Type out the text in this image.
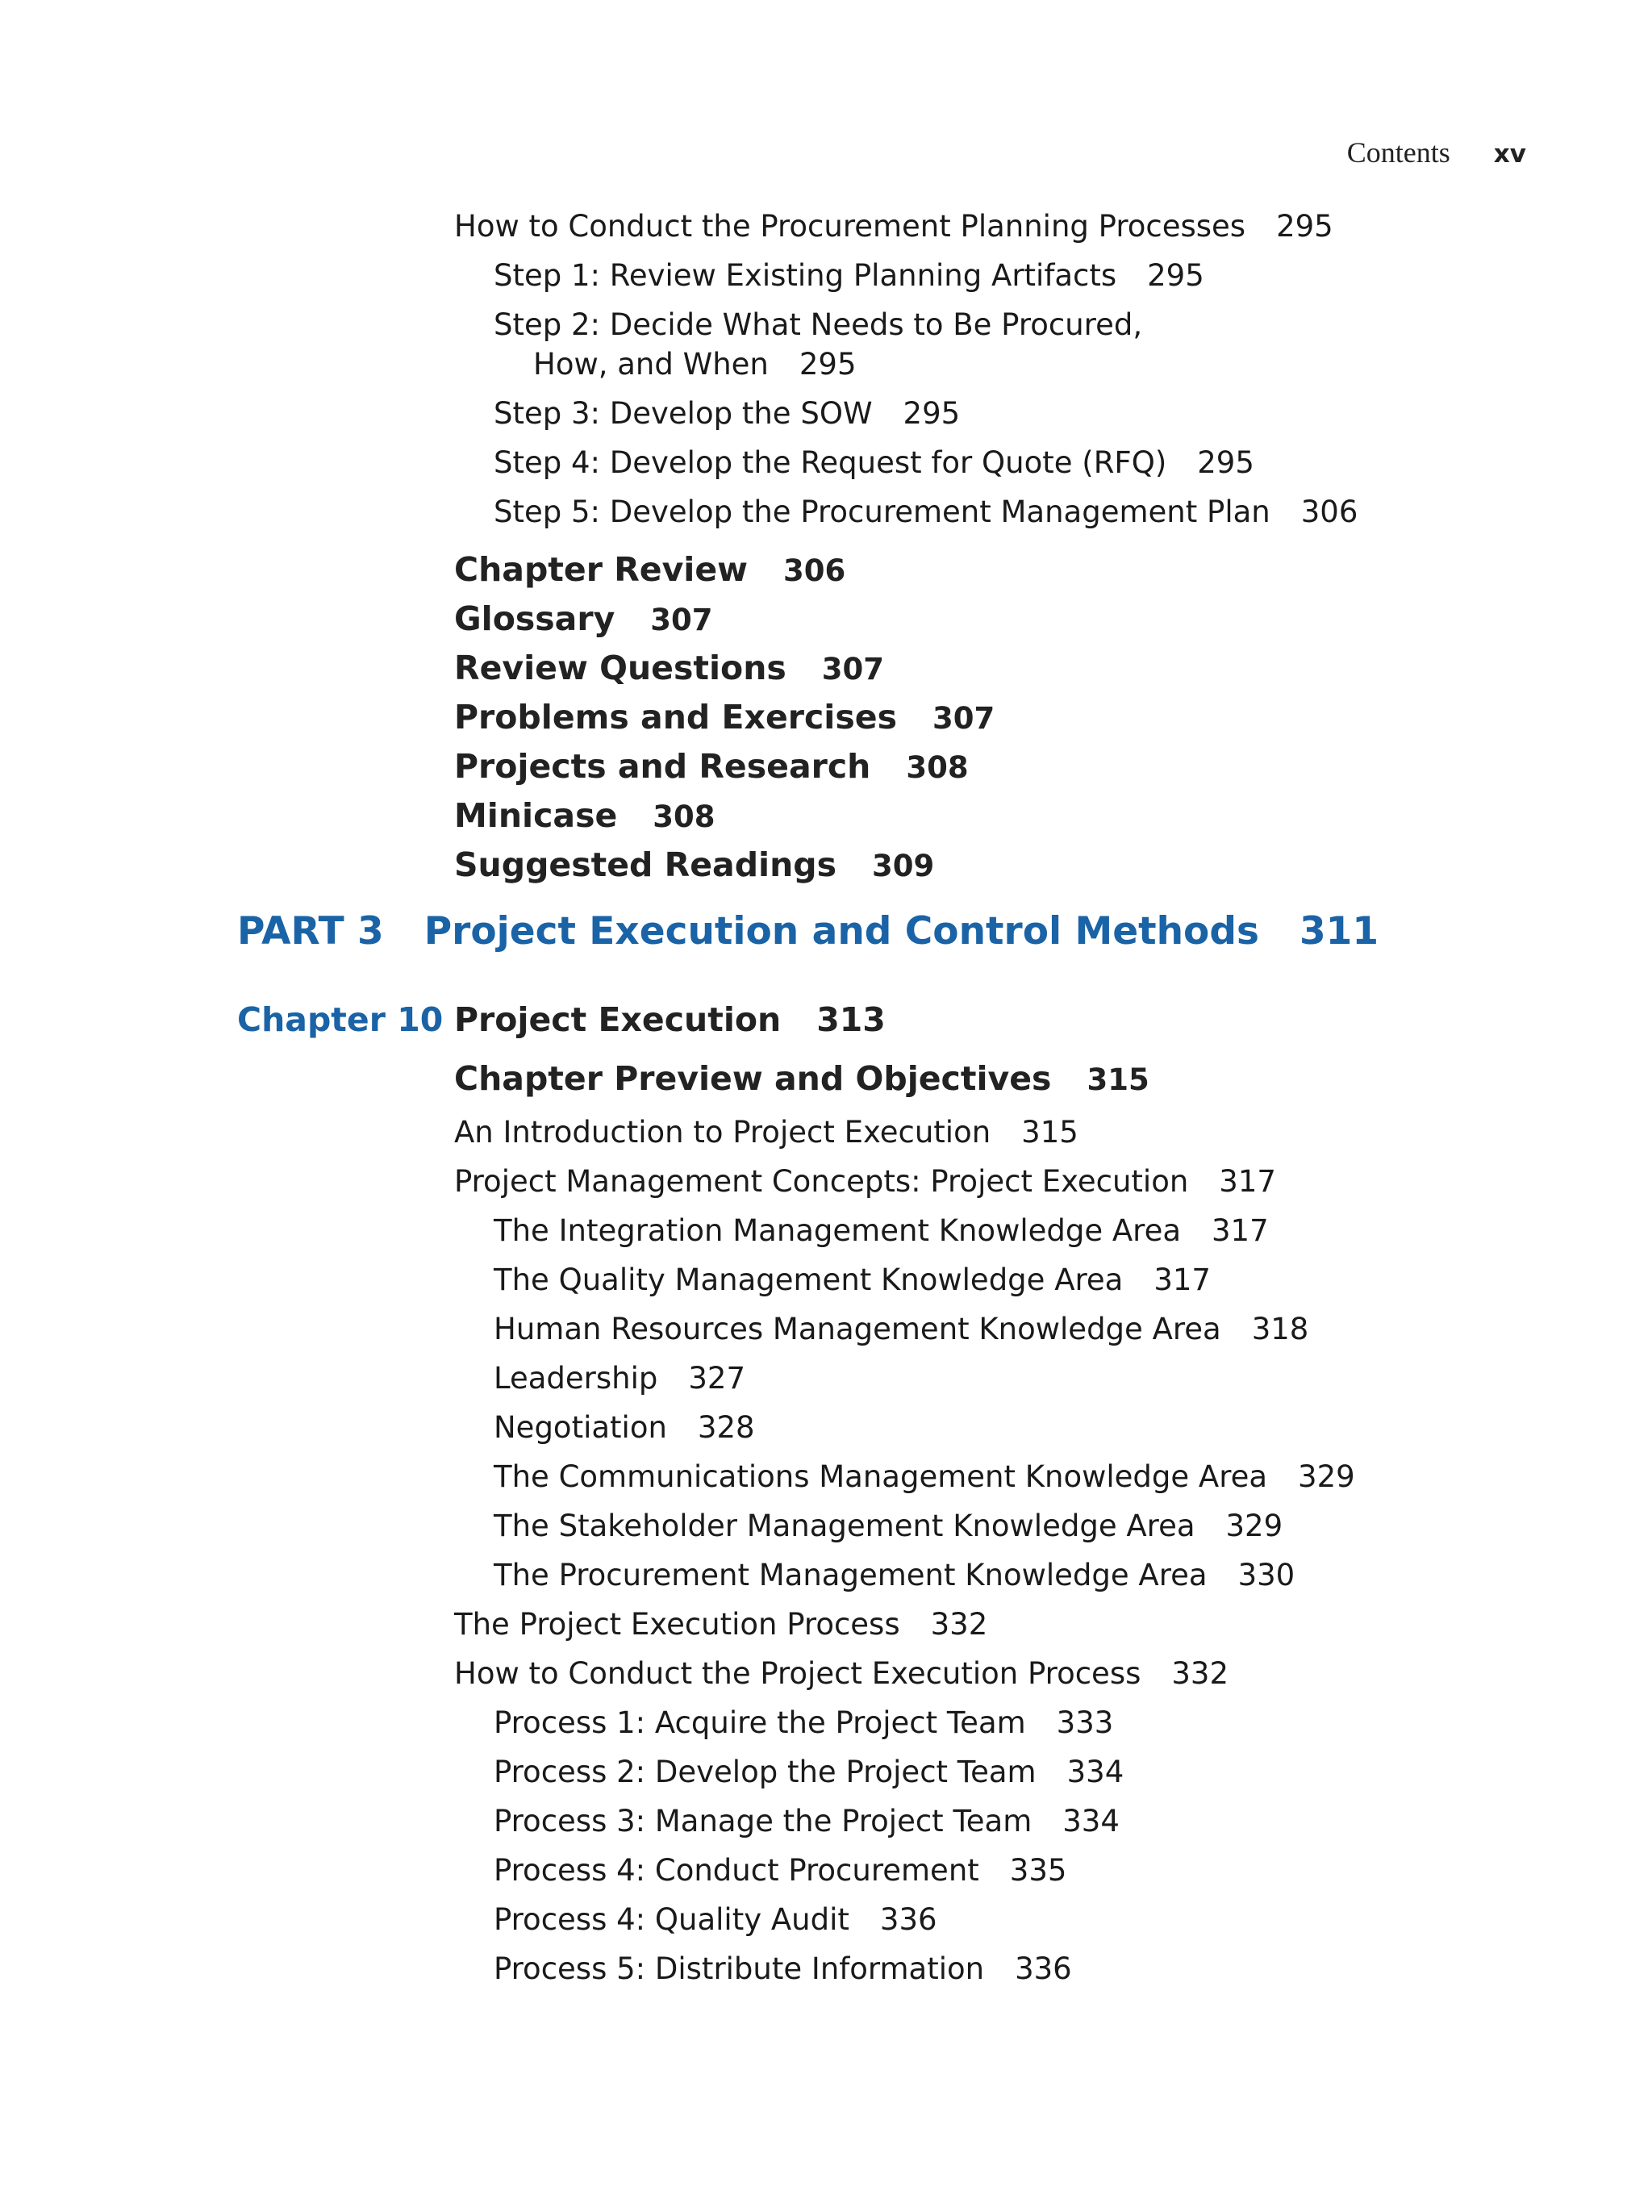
Contents xv
How to Conduct the Procurement Planning Processes 295
Step 1: Review Existing Planning Artifacts 295
Step 2: Decide What Needs to Be Procured,
How, and When 295
Step 3: Develop the SOW 295
Step 4: Develop the Request for Quote (RFQ) 295
Step 5: Develop the Procurement Management Plan 306
Chapter Review 306
Glossary 307
Review Questions 307
Problems and Exercises 307
Projects and Research 308
Minicase 308
Suggested Readings 309
PART 3 Project Execution and Control Methods 311
Chapter 10 Project Execution 313
Chapter Preview and Objectives 315
An Introduction to Project Execution 315
Project Management Concepts: Project Execution 317
The Integration Management Knowledge Area 317
The Quality Management Knowledge Area 317
Human Resources Management Knowledge Area 318
Leadership 327
Negotiation 328
The Communications Management Knowledge Area 329
The Stakeholder Management Knowledge Area 329
The Procurement Management Knowledge Area 330
The Project Execution Process 332
How to Conduct the Project Execution Process 332
Process 1: Acquire the Project Team 333
Process 2: Develop the Project Team 334
Process 3: Manage the Project Team 334
Process 4: Conduct Procurement 335
Process 4: Quality Audit 336
Process 5: Distribute Information 336
